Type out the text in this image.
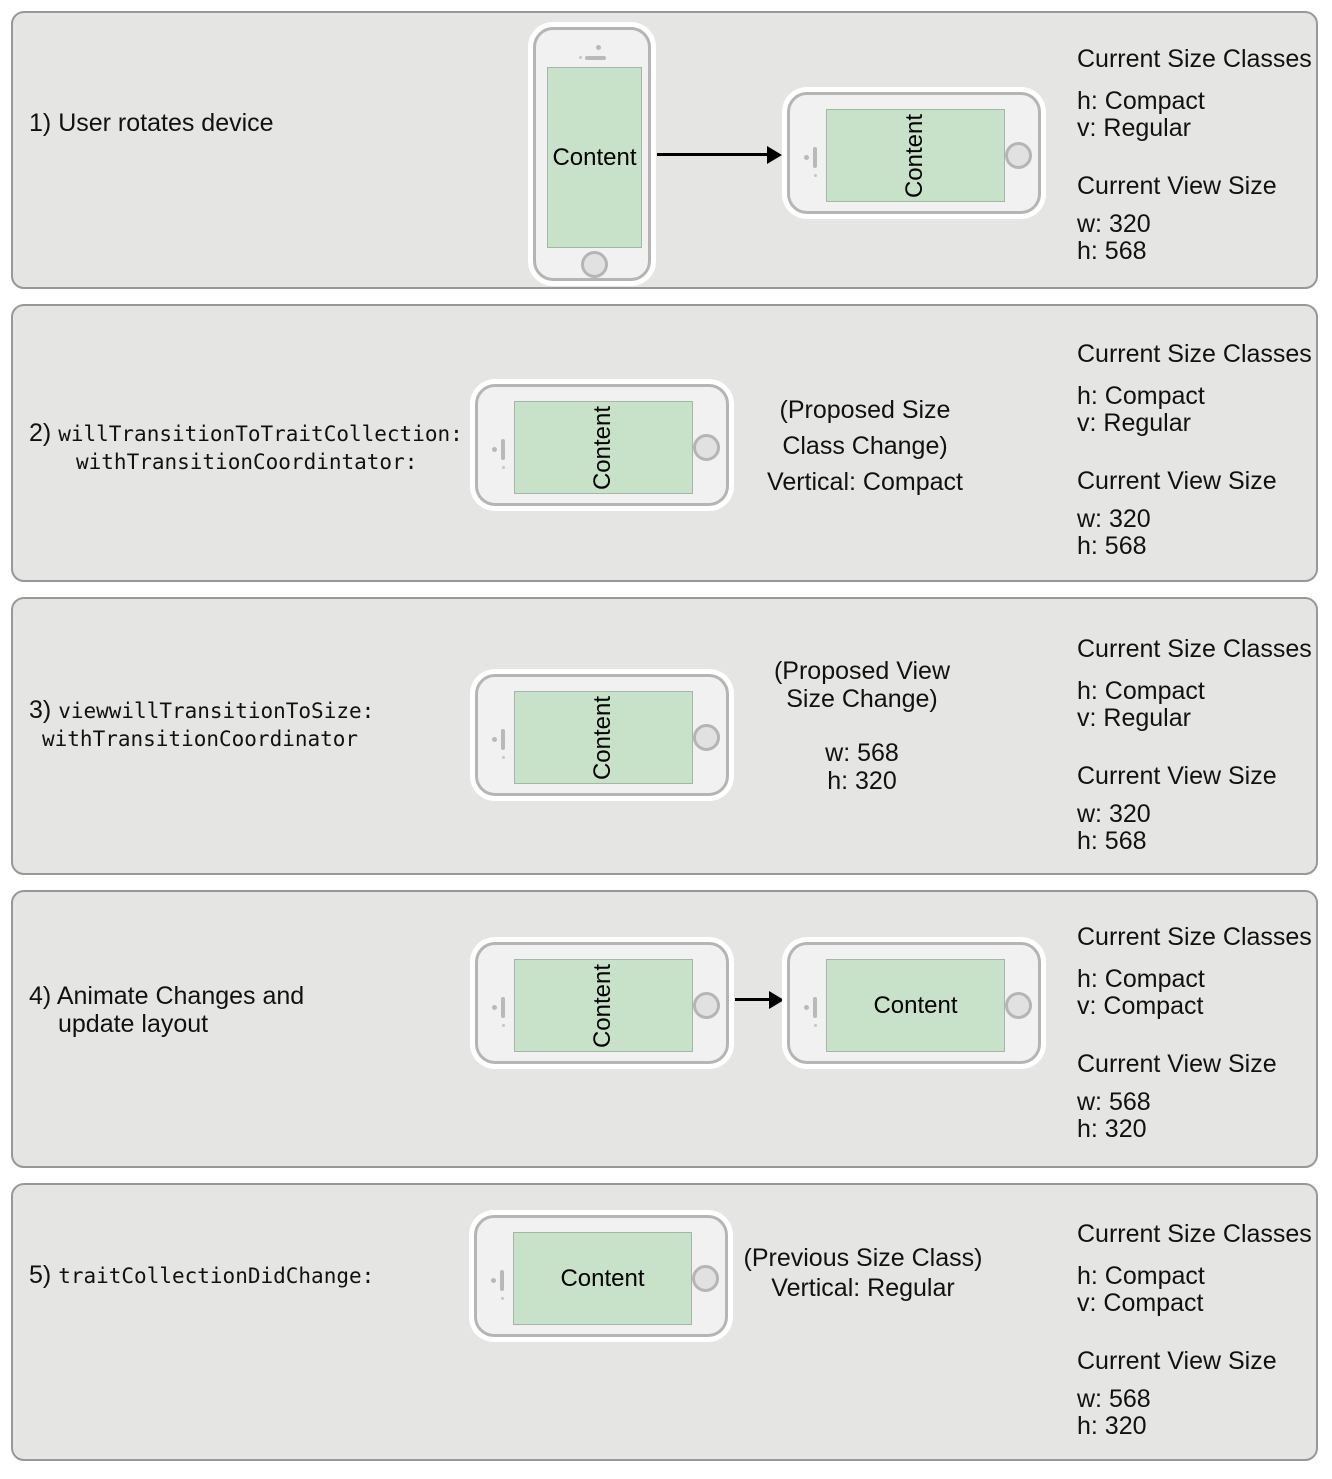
1) User rotates device
Content	Content
Current Size Classes
h: Compact
v: Regular
Current View Size
w: 320
h: 568
2) willTransitionToTraitCollection:
withTransitionCoordintator:	Content	(Proposed Size
Class Change)
Vertical: Compact
Current Size Classes
h: Compact
v: Regular
Current View Size
w: 320
h: 568
3) viewwillTransitionToSize:
withTransitionCoordinator	Content
(Proposed View
Size Change)
w: 568
h: 320
Current Size Classes
h: Compact
v: Regular
Current View Size
w: 320
h: 568
4) Animate Changes and
update layout	Content	Content
Current Size Classes
h: Compact
v: Compact
Current View Size
w: 568
h: 320
5) traitCollectionDidChange:	Content
(Previous Size Class)
Vertical: Regular
Current Size Classes
h: Compact
v: Compact
Current View Size
w: 568
h: 320
